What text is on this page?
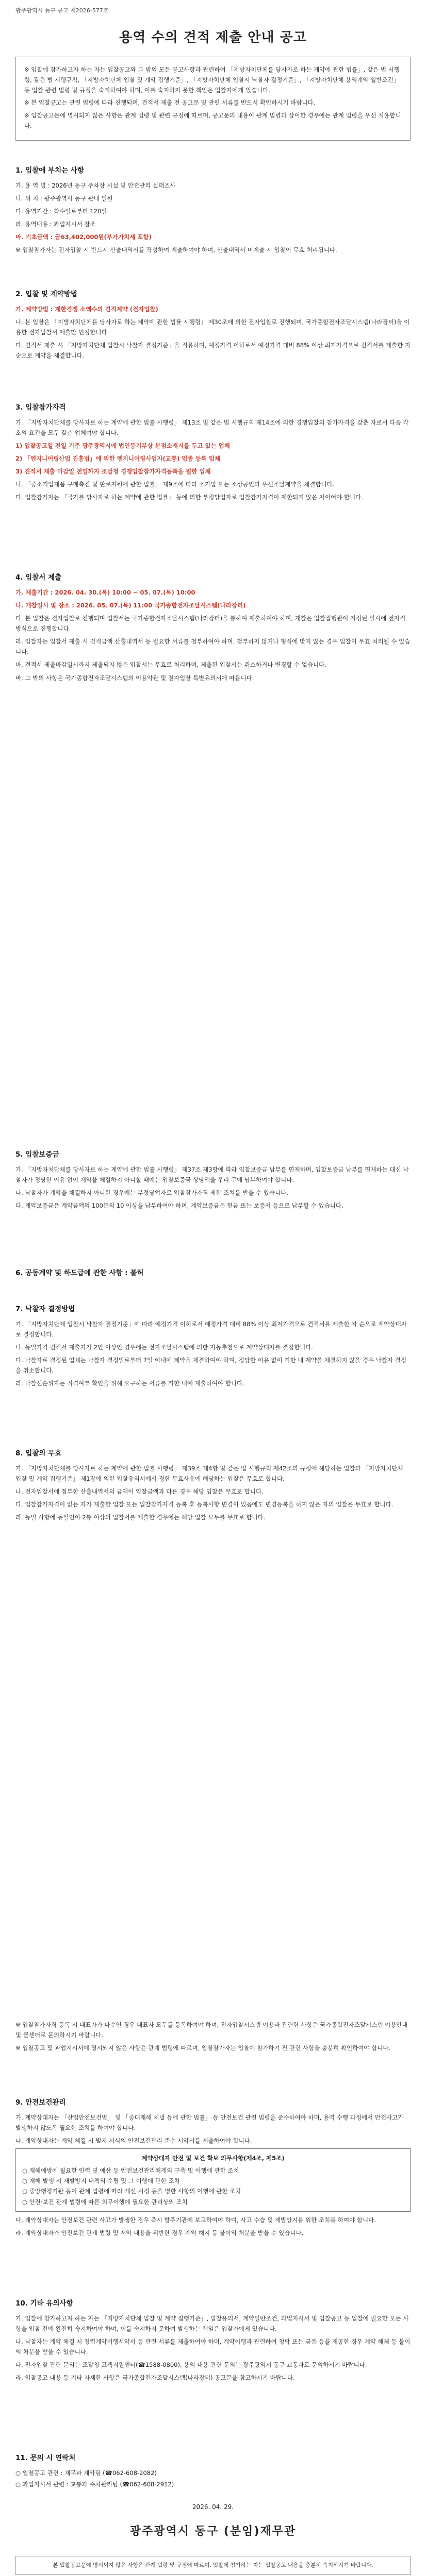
광주광역시 동구 공고 제2026-577호
용역 수의 견적 제출 안내 공고

※ 입찰에 참가하고자 하는 자는 입찰공고와 그 밖의 모든 공고사항과 관련하여 「지방자치단체를 당사자로 하는 계약에 관한 법률」, 같은 법 시행령, 같은 법 시행규칙, 「지방자치단체 입찰 및 계약 집행기준」, 「지방자치단체 입찰시 낙찰자 결정기준」, 「지방자치단체 용역계약 일반조건」 등 입찰 관련 법령 및 규정을 숙지하여야 하며, 이를 숙지하지 못한 책임은 입찰자에게 있습니다.

※ 본 입찰공고는 관련 법령에 따라 진행되며, 견적서 제출 전 공고문 및 관련 서류를 반드시 확인하시기 바랍니다.

※ 입찰공고문에 명시되지 않은 사항은 관계 법령 및 관련 규정에 따르며, 공고문의 내용이 관계 법령과 상이한 경우에는 관계 법령을 우선 적용합니다.

1. 입찰에 부치는 사항

가. 용 역 명 : 2026년 동구 주차장 시설 및 안전관리 실태조사

나. 위 치 : 광주광역시 동구 관내 일원

다. 용역기간 : 착수일로부터 120일

라. 용역내용 : 과업지시서 참조

마. 기초금액 : 금63,402,000원(부가가치세 포함)

※ 입찰참가자는 전자입찰 시 반드시 산출내역서를 작성하여 제출하여야 하며, 산출내역서 미제출 시 입찰이 무효 처리됩니다.

2. 입찰 및 계약방법

가. 계약방법 : 제한경쟁 소액수의 견적계약 (전자입찰)

나. 본 입찰은 「지방자치단체를 당사자로 하는 계약에 관한 법률 시행령」 제30조에 의한 전자입찰로 진행되며, 국가종합전자조달시스템(나라장터)을 이용한 전자입찰서 제출만 인정합니다.

다. 견적서 제출 시 「지방자치단체 입찰시 낙찰자 결정기준」을 적용하며, 예정가격 이하로서 예정가격 대비 88% 이상 최저가격으로 견적서를 제출한 자 순으로 계약을 체결합니다.

3. 입찰참가자격

가. 「지방자치단체를 당사자로 하는 계약에 관한 법률 시행령」 제13조 및 같은 법 시행규칙 제14조에 의한 경쟁입찰의 참가자격을 갖춘 자로서 다음 각 호의 요건을 모두 갖춘 업체여야 합니다.

1) 입찰공고일 전일 기준 광주광역시에 법인등기부상 본점소재지를 두고 있는 업체

2) 「엔지니어링산업 진흥법」에 의한 엔지니어링사업자(교통) 업종 등록 업체

3) 견적서 제출 마감일 전일까지 조달청 경쟁입찰참가자격등록을 필한 업체

나. 「중소기업제품 구매촉진 및 판로지원에 관한 법률」 제9조에 따라 소기업 또는 소상공인과 우선조달계약을 체결합니다.

다. 입찰참가자는 「국가를 당사자로 하는 계약에 관한 법률」 등에 의한 부정당업자로 입찰참가자격이 제한되지 않은 자이어야 합니다.

4. 입찰서 제출

가. 제출기간 : 2026. 04. 30.(목) 10:00 ~ 05. 07.(목) 10:00

나. 개찰일시 및 장소 : 2026. 05. 07.(목) 11:00 국가종합전자조달시스템(나라장터)

다. 본 입찰은 전자입찰로 진행되며 입찰서는 국가종합전자조달시스템(나라장터)을 통하여 제출하여야 하며, 개찰은 입찰집행관이 지정된 일시에 전자적 방식으로 진행합니다.

라. 입찰자는 입찰서 제출 시 견적금액 산출내역서 등 필요한 서류를 첨부하여야 하며, 첨부하지 않거나 형식에 맞지 않는 경우 입찰이 무효 처리될 수 있습니다.

마. 견적서 제출마감일시까지 제출되지 않은 입찰서는 무효로 처리하며, 제출된 입찰서는 취소하거나 변경할 수 없습니다.

바. 그 밖의 사항은 국가종합전자조달시스템의 이용약관 및 전자입찰 특별유의서에 따릅니다.

5. 입찰보증금

가. 「지방자치단체를 당사자로 하는 계약에 관한 법률 시행령」 제37조 제3항에 따라 입찰보증금 납부를 면제하며, 입찰보증금 납부를 면제하는 대신 낙찰자가 정당한 이유 없이 계약을 체결하지 아니할 때에는 입찰보증금 상당액을 우리 구에 납부하여야 합니다.

나. 낙찰자가 계약을 체결하지 아니한 경우에는 부정당업자로 입찰참가자격 제한 조치를 받을 수 있습니다.

다. 계약보증금은 계약금액의 100분의 10 이상을 납부하여야 하며, 계약보증금은 현금 또는 보증서 등으로 납부할 수 있습니다.

6. 공동계약 및 하도급에 관한 사항 : 불허
7. 낙찰자 결정방법

가. 「지방자치단체 입찰시 낙찰자 결정기준」에 따라 예정가격 이하로서 예정가격 대비 88% 이상 최저가격으로 견적서를 제출한 자 순으로 계약상대자로 결정합니다.

나. 동일가격 견적서 제출자가 2인 이상인 경우에는 전자조달시스템에 의한 자동추첨으로 계약상대자를 결정합니다.

다. 낙찰자로 결정된 업체는 낙찰자 결정일로부터 7일 이내에 계약을 체결하여야 하며, 정당한 이유 없이 기한 내 계약을 체결하지 않을 경우 낙찰자 결정을 취소합니다.

라. 낙찰선순위자는 적격여부 확인을 위해 요구하는 서류를 기한 내에 제출하여야 합니다.

8. 입찰의 무효

가. 「지방자치단체를 당사자로 하는 계약에 관한 법률 시행령」 제39조 제4항 및 같은 법 시행규칙 제42조의 규정에 해당하는 입찰과 「지방자치단체 입찰 및 계약 집행기준」 제1장에 의한 입찰유의서에서 정한 무효사유에 해당하는 입찰은 무효로 합니다.

나. 전자입찰서에 첨부한 산출내역서의 금액이 입찰금액과 다른 경우 해당 입찰은 무효로 합니다.

다. 입찰참가자격이 없는 자가 제출한 입찰 또는 입찰참가자격 등록 후 등록사항 변경이 있음에도 변경등록을 하지 않은 자의 입찰은 무효로 합니다.

라. 동일 사항에 동일인이 2통 이상의 입찰서를 제출한 경우에는 해당 입찰 모두를 무효로 합니다.

※ 입찰참가자격 등록 시 대표자가 다수인 경우 대표자 모두를 등록하여야 하며, 전자입찰시스템 이용과 관련한 사항은 국가종합전자조달시스템 이용안내 및 콜센터로 문의하시기 바랍니다.

※ 입찰공고 및 과업지시서에 명시되지 않은 사항은 관계 법령에 따르며, 입찰참가자는 입찰에 참가하기 전 관련 사항을 충분히 확인하여야 합니다.

9. 안전보건관리

가. 계약상대자는 「산업안전보건법」 및 「중대재해 처벌 등에 관한 법률」 등 안전보건 관련 법령을 준수하여야 하며, 용역 수행 과정에서 안전사고가 발생하지 않도록 필요한 조치를 하여야 합니다.

나. 계약상대자는 계약 체결 시 별지 서식의 안전보건관리 준수 서약서를 제출하여야 합니다.

계약상대자 안전 및 보건 확보 의무사항(제4조, 제5조)

○ 재해예방에 필요한 인력 및 예산 등 안전보건관리체계의 구축 및 이행에 관한 조치

○ 재해 발생 시 재발방지 대책의 수립 및 그 이행에 관한 조치

○ 중앙행정기관 등이 관계 법령에 따라 개선·시정 등을 명한 사항의 이행에 관한 조치

○ 안전·보건 관계 법령에 따른 의무이행에 필요한 관리상의 조치

다. 계약상대자는 안전보건 관련 사고가 발생한 경우 즉시 발주기관에 보고하여야 하며, 사고 수습 및 재발방지를 위한 조치를 하여야 합니다.

라. 계약상대자가 안전보건 관계 법령 및 서약 내용을 위반한 경우 계약 해지 등 불이익 처분을 받을 수 있습니다.

10. 기타 유의사항

가. 입찰에 참가하고자 하는 자는 「지방자치단체 입찰 및 계약 집행기준」, 입찰유의서, 계약일반조건, 과업지시서 및 입찰공고 등 입찰에 필요한 모든 사항을 입찰 전에 완전히 숙지하여야 하며, 이를 숙지하지 못하여 발생하는 책임은 입찰자에게 있습니다.

나. 낙찰자는 계약 체결 시 청렴계약이행서약서 등 관련 서류를 제출하여야 하며, 계약이행과 관련하여 청탁 또는 금품 등을 제공한 경우 계약 해제 등 불이익 처분을 받을 수 있습니다.

다. 전자입찰 관련 문의는 조달청 고객지원센터(☎1588-0800), 용역 내용 관련 문의는 광주광역시 동구 교통과로 문의하시기 바랍니다.

라. 입찰공고 내용 등 기타 자세한 사항은 국가종합전자조달시스템(나라장터) 공고문을 참고하시기 바랍니다.

11. 문의 시 연락처

○ 입찰공고 관련 : 재무과 계약팀 (☎062-608-2082)

○ 과업지시서 관련 : 교통과 주차관리팀 (☎062-608-2912)

2026. 04. 29.
광주광역시 동구 (분임)재무관
본 입찰공고문에 명시되지 않은 사항은 관계 법령 및 규정에 따르며, 입찰에 참가하는 자는 입찰공고 내용을 충분히 숙지하시기 바랍니다.
